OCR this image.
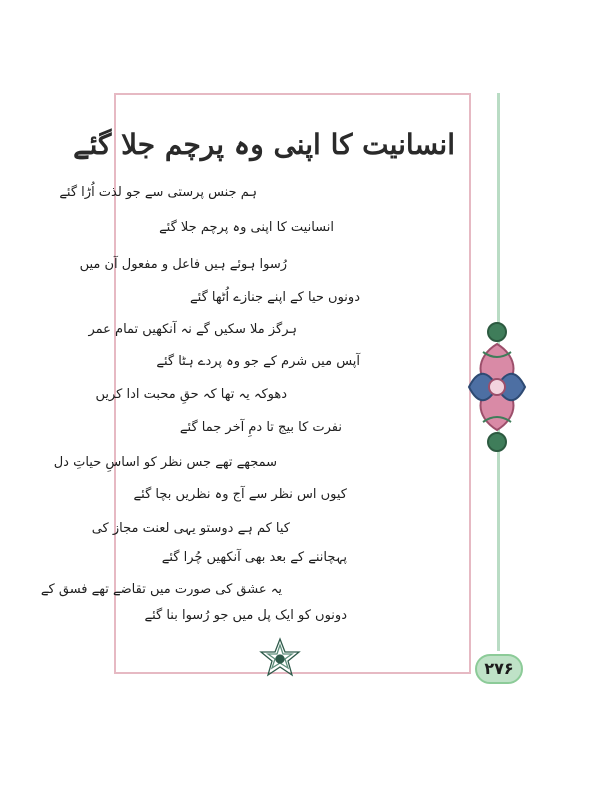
انسانیت کا اپنی وہ پرچم جلا گئے
ہم جنس پرستی سے جو لذت اُڑا گئے
انسانیت کا اپنی وہ پرچم جلا گئے
رُسوا ہوئے ہیں فاعل و مفعول آن میں
دونوں حیا کے اپنے جنازے اُٹھا گئے
ہرگز ملا سکیں گے نہ آنکھیں تمام عمر
آپس میں شرم کے جو وہ پردے ہٹا گئے
دھوکہ یہ تھا کہ حقِ محبت ادا کریں
نفرت کا بیج تا دمِ آخر جما گئے
سمجھے تھے جس نظر کو اساسِ حیاتِ دل
کیوں اس نظر سے آج وہ نظریں بچا گئے
کیا کم ہے دوستو یہی لعنت مجاز کی
پہچاننے کے بعد بھی آنکھیں چُرا گئے
یہ عشق کی صورت میں تقاضے تھے فسق کے
دونوں کو ایک پل میں جو رُسوا بنا گئے
۲۷۶
